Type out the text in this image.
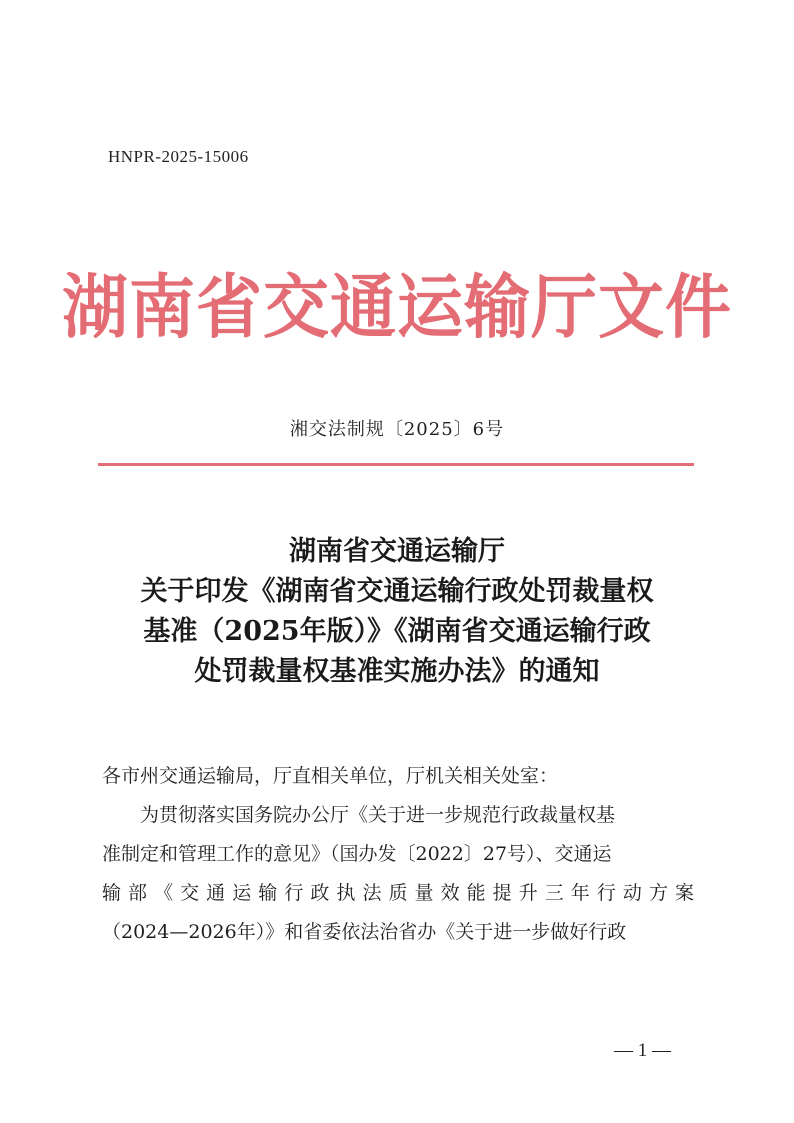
HNPR-2025-15006
湖南省交通运输厅文件
湘交法制规〔2025〕6号
湖南省交通运输厅
关于印发《湖南省交通运输行政处罚裁量权
基准（2025年版）》《湖南省交通运输行政
处罚裁量权基准实施办法》的通知
各市州交通运输局，厅直相关单位，厅机关相关处室：
　　为贯彻落实国务院办公厅《关于进一步规范行政裁量权基
准制定和管理工作的意见》（国办发〔2022〕27号）、交通运
输部《交通运输行政执法质量效能提升三年行动方案
（2024—2026年）》和省委依法治省办《关于进一步做好行政
— 1 —
